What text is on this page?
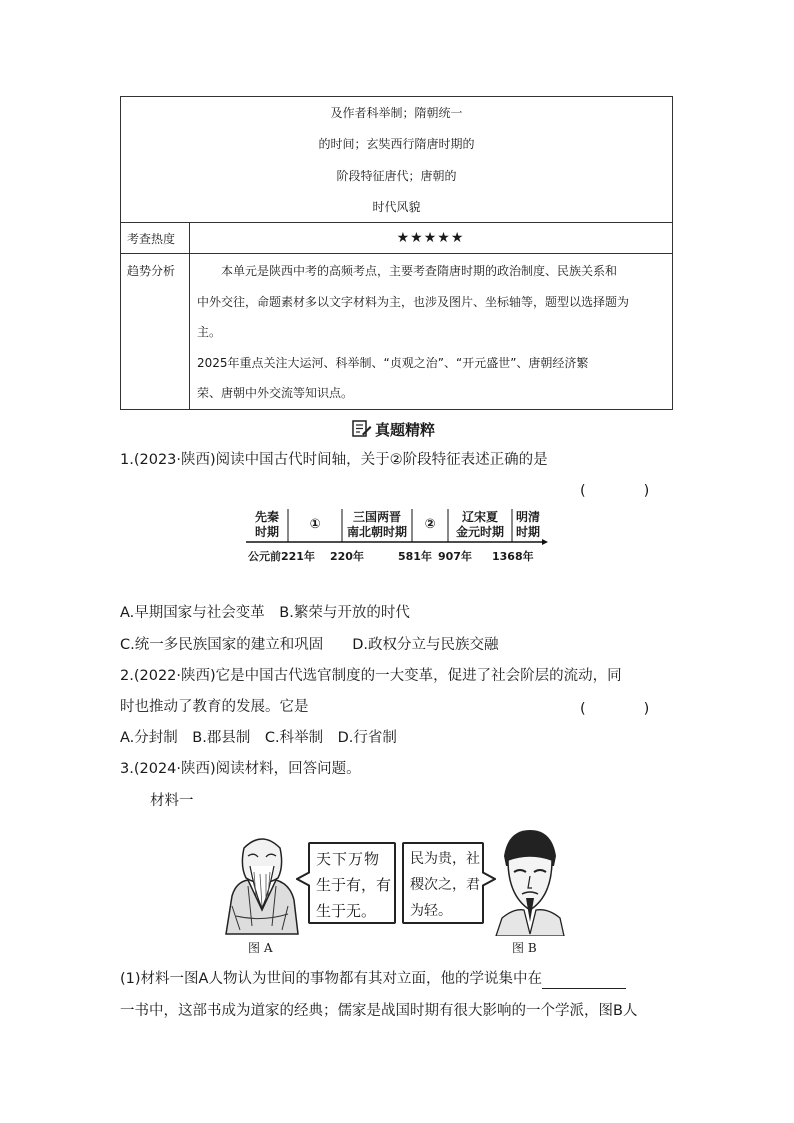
及作者科举制；隋朝统一
的时间；玄奘西行隋唐时期的
阶段特征唐代；唐朝的
时代风貌
考查热度	★★★★★
趋势分析	本单元是陕西中考的高频考点，主要考查隋唐时期的政治制度、民族关系和
中外交往，命题素材多以文字材料为主，也涉及图片、坐标轴等，题型以选择题为
主。
2025年重点关注大运河、科举制、“贞观之治”、“开元盛世”、唐朝经济繁
荣、唐朝中外交流等知识点。
真题精粹
1.(2023·陕西)阅读中国古代时间轴，关于②阶段特征表述正确的是
(　　　　)
先秦
时期	①	三国两晋
南北朝时期	②	辽宋夏
金元时期
明清
时期
公元前221年 220年	581年 907年 1368年
A.早期国家与社会变革　B.繁荣与开放的时代
C.统一多民族国家的建立和巩固　　D.政权分立与民族交融
2.(2022·陕西)它是中国古代选官制度的一大变革，促进了社会阶层的流动，同
时也推动了教育的发展。它是	(　　　　)
A.分封制　B.郡县制　C.科举制　D.行省制
3.(2024·陕西)阅读材料，回答问题。
材料一
天下万物
生于有，有
生于无。
民为贵，社
稷次之，君
为轻。
图 A	图 B
(1)材料一图A人物认为世间的事物都有其对立面，他的学说集中在
一书中，这部书成为道家的经典；儒家是战国时期有很大影响的一个学派，图B人
